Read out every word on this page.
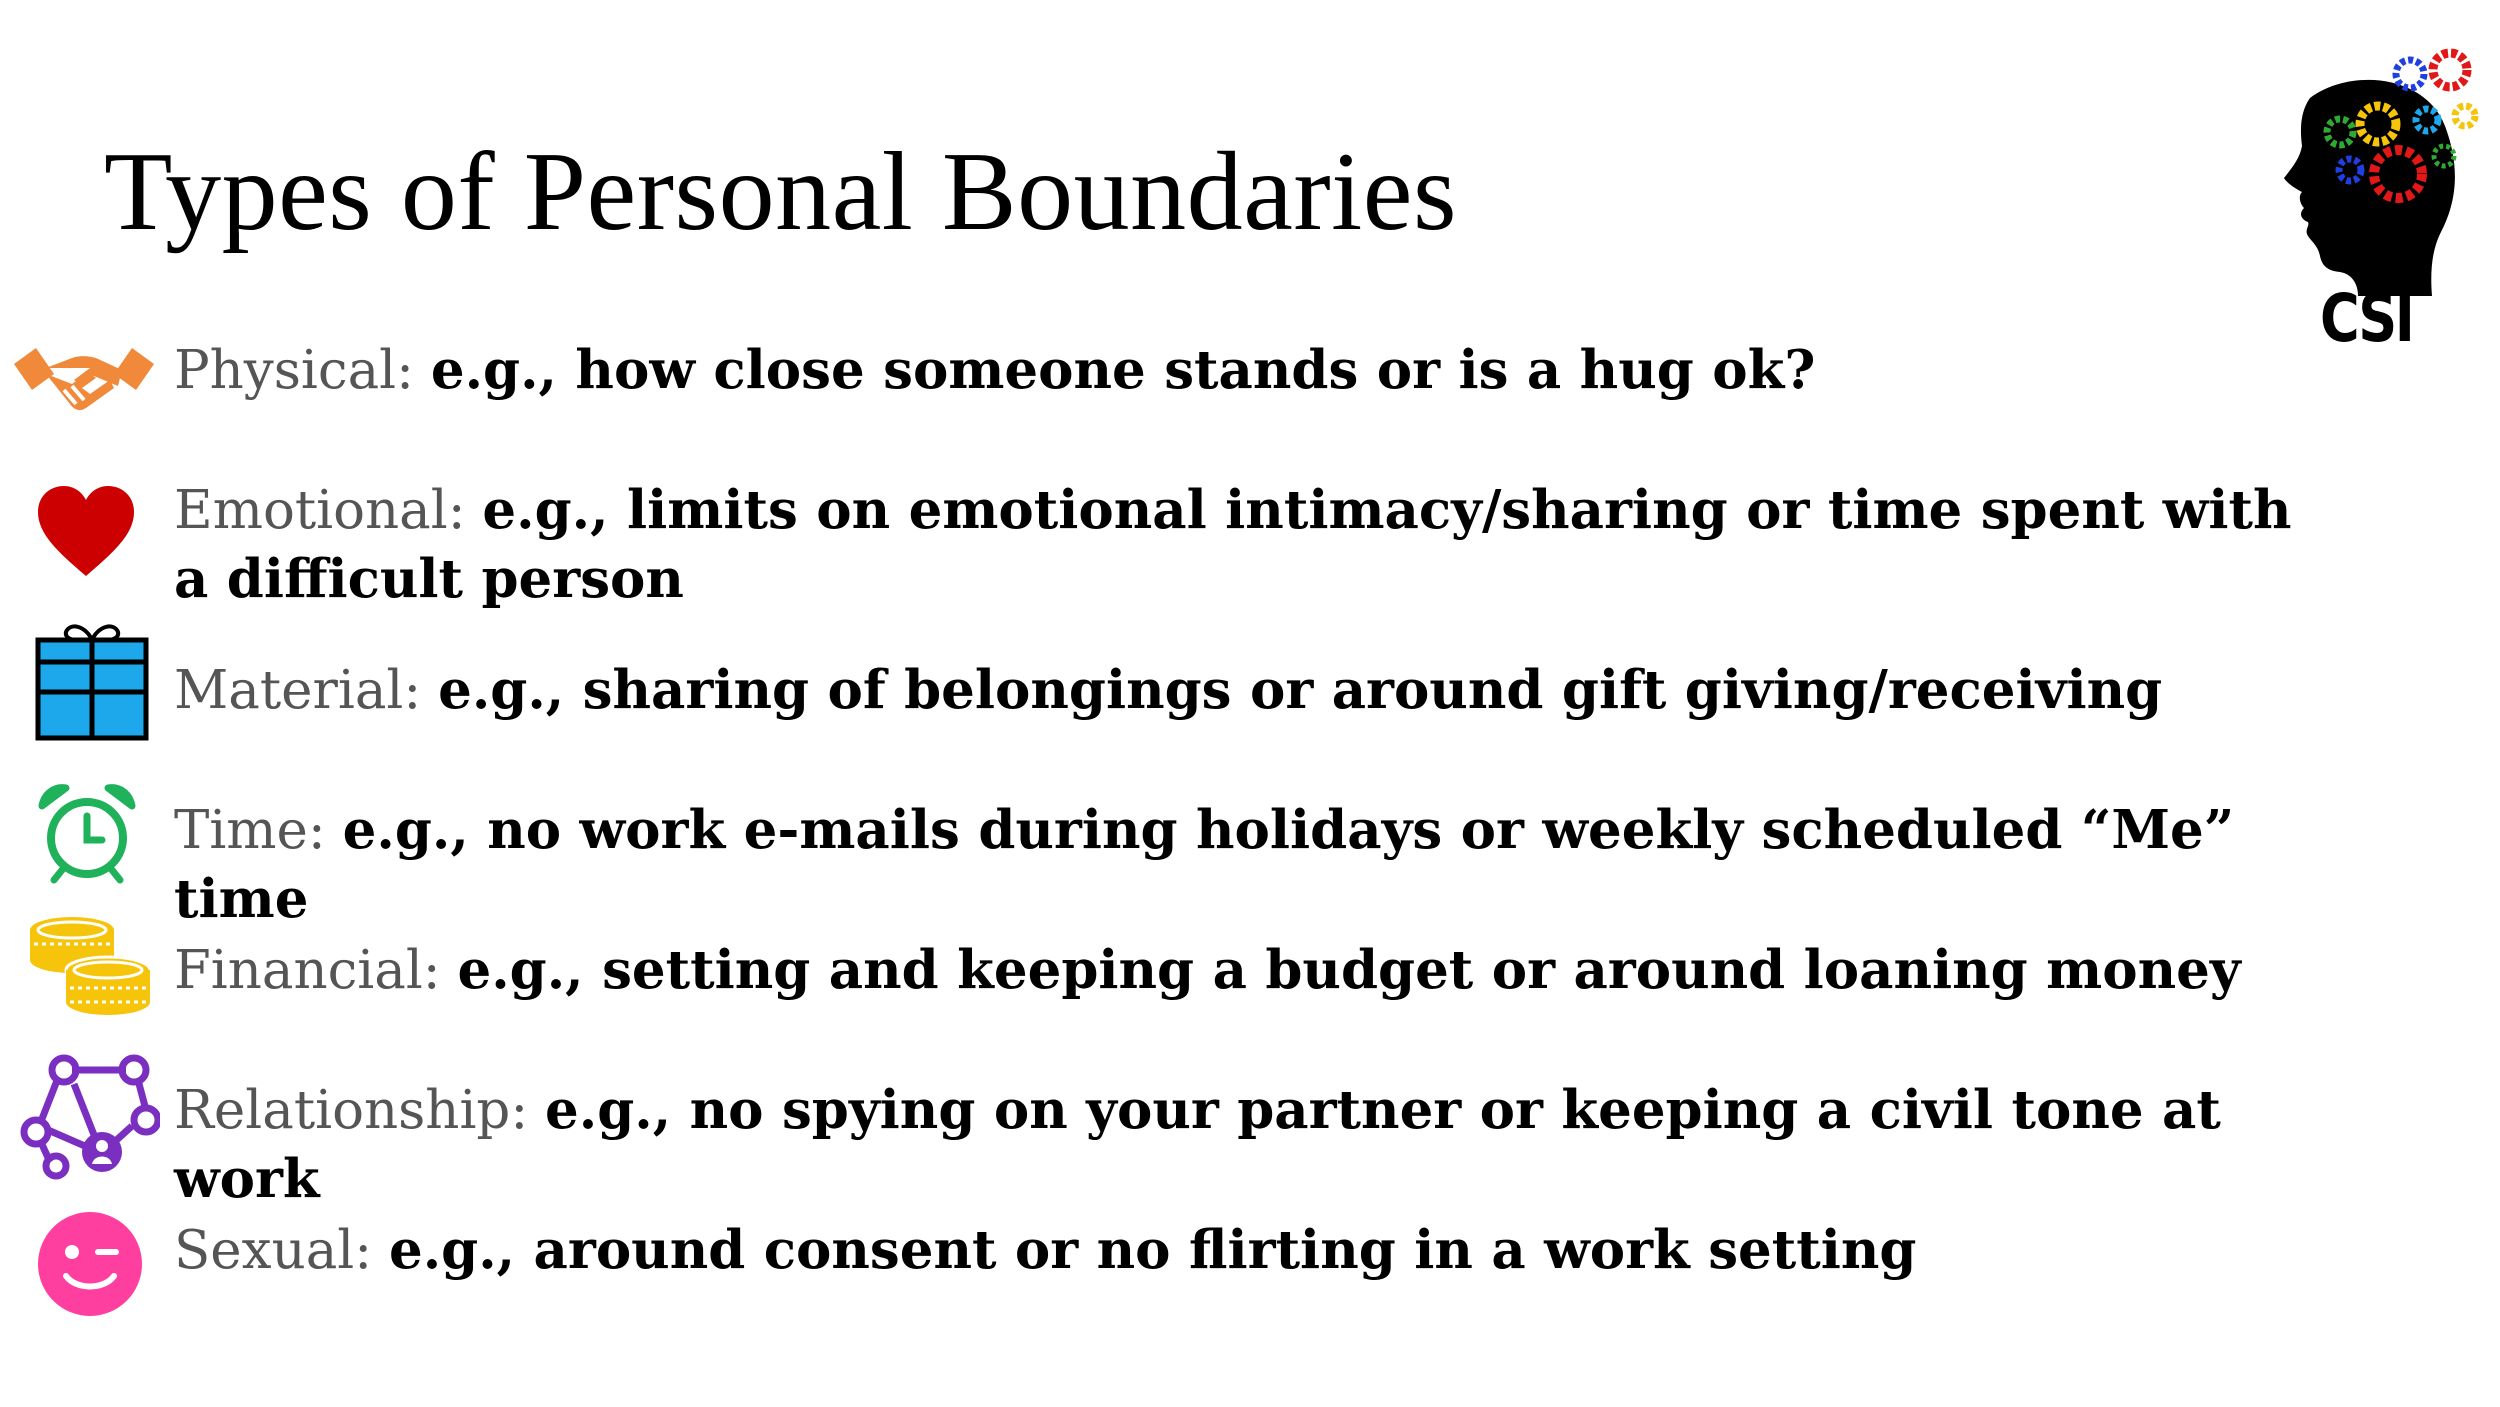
Types of Personal Boundaries
CSI
Physical: e.g., how close someone stands or is a hug ok?
Emotional: e.g., limits on emotional intimacy/sharing or time spent with a difficult person
Material: e.g., sharing of belongings or around gift giving/receiving
Time: e.g., no work e-mails during holidays or weekly scheduled “Me” time
Financial: e.g., setting and keeping a budget or around loaning money
Relationship: e.g., no spying on your partner or keeping a civil tone at work
Sexual: e.g., around consent or no flirting in a work setting
